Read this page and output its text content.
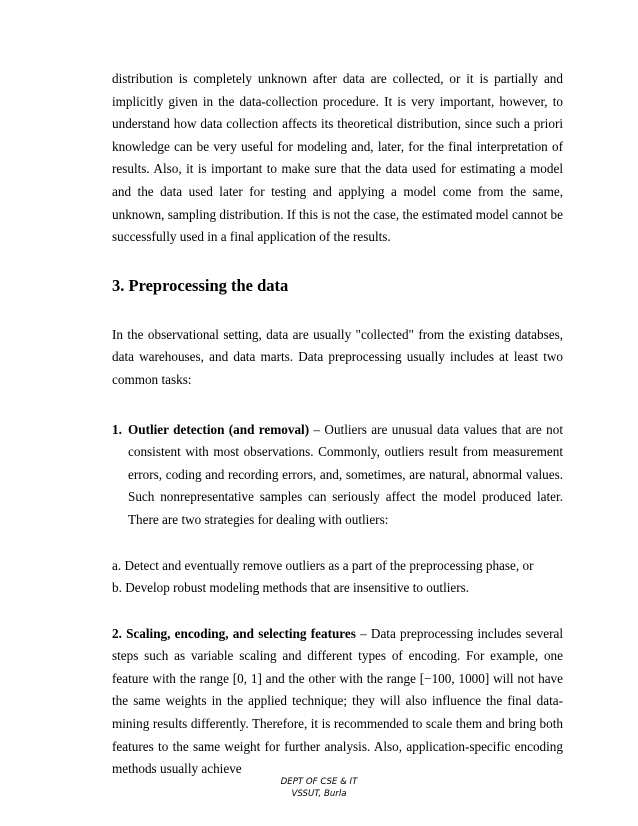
distribution is completely unknown after data are collected, or it is partially and implicitly given in the data-collection procedure. It is very important, however, to understand how data collection affects its theoretical distribution, since such a priori knowledge can be very useful for modeling and, later, for the final interpretation of results. Also, it is important to make sure that the data used for estimating a model and the data used later for testing and applying a model come from the same, unknown, sampling distribution. If this is not the case, the estimated model cannot be successfully used in a final application of the results.

3. Preprocessing the data

In the observational setting, data are usually "collected" from the existing databses, data warehouses, and data marts. Data preprocessing usually includes at least two common tasks:

1. Outlier detection (and removal) – Outliers are unusual data values that are not consistent with most observations. Commonly, outliers result from measurement errors, coding and recording errors, and, sometimes, are natural, abnormal values. Such nonrepresentative samples can seriously affect the model produced later. There are two strategies for dealing with outliers:
a. Detect and eventually remove outliers as a part of the preprocessing phase, or
b. Develop robust modeling methods that are insensitive to outliers.

2. Scaling, encoding, and selecting features – Data preprocessing includes several steps such as variable scaling and different types of encoding. For example, one feature with the range [0, 1] and the other with the range [−100, 1000] will not have the same weights in the applied technique; they will also influence the final data-mining results differently. Therefore, it is recommended to scale them and bring both features to the same weight for further analysis. Also, application-specific encoding methods usually achieve

DEPT OF CSE & IT
VSSUT, Burla
